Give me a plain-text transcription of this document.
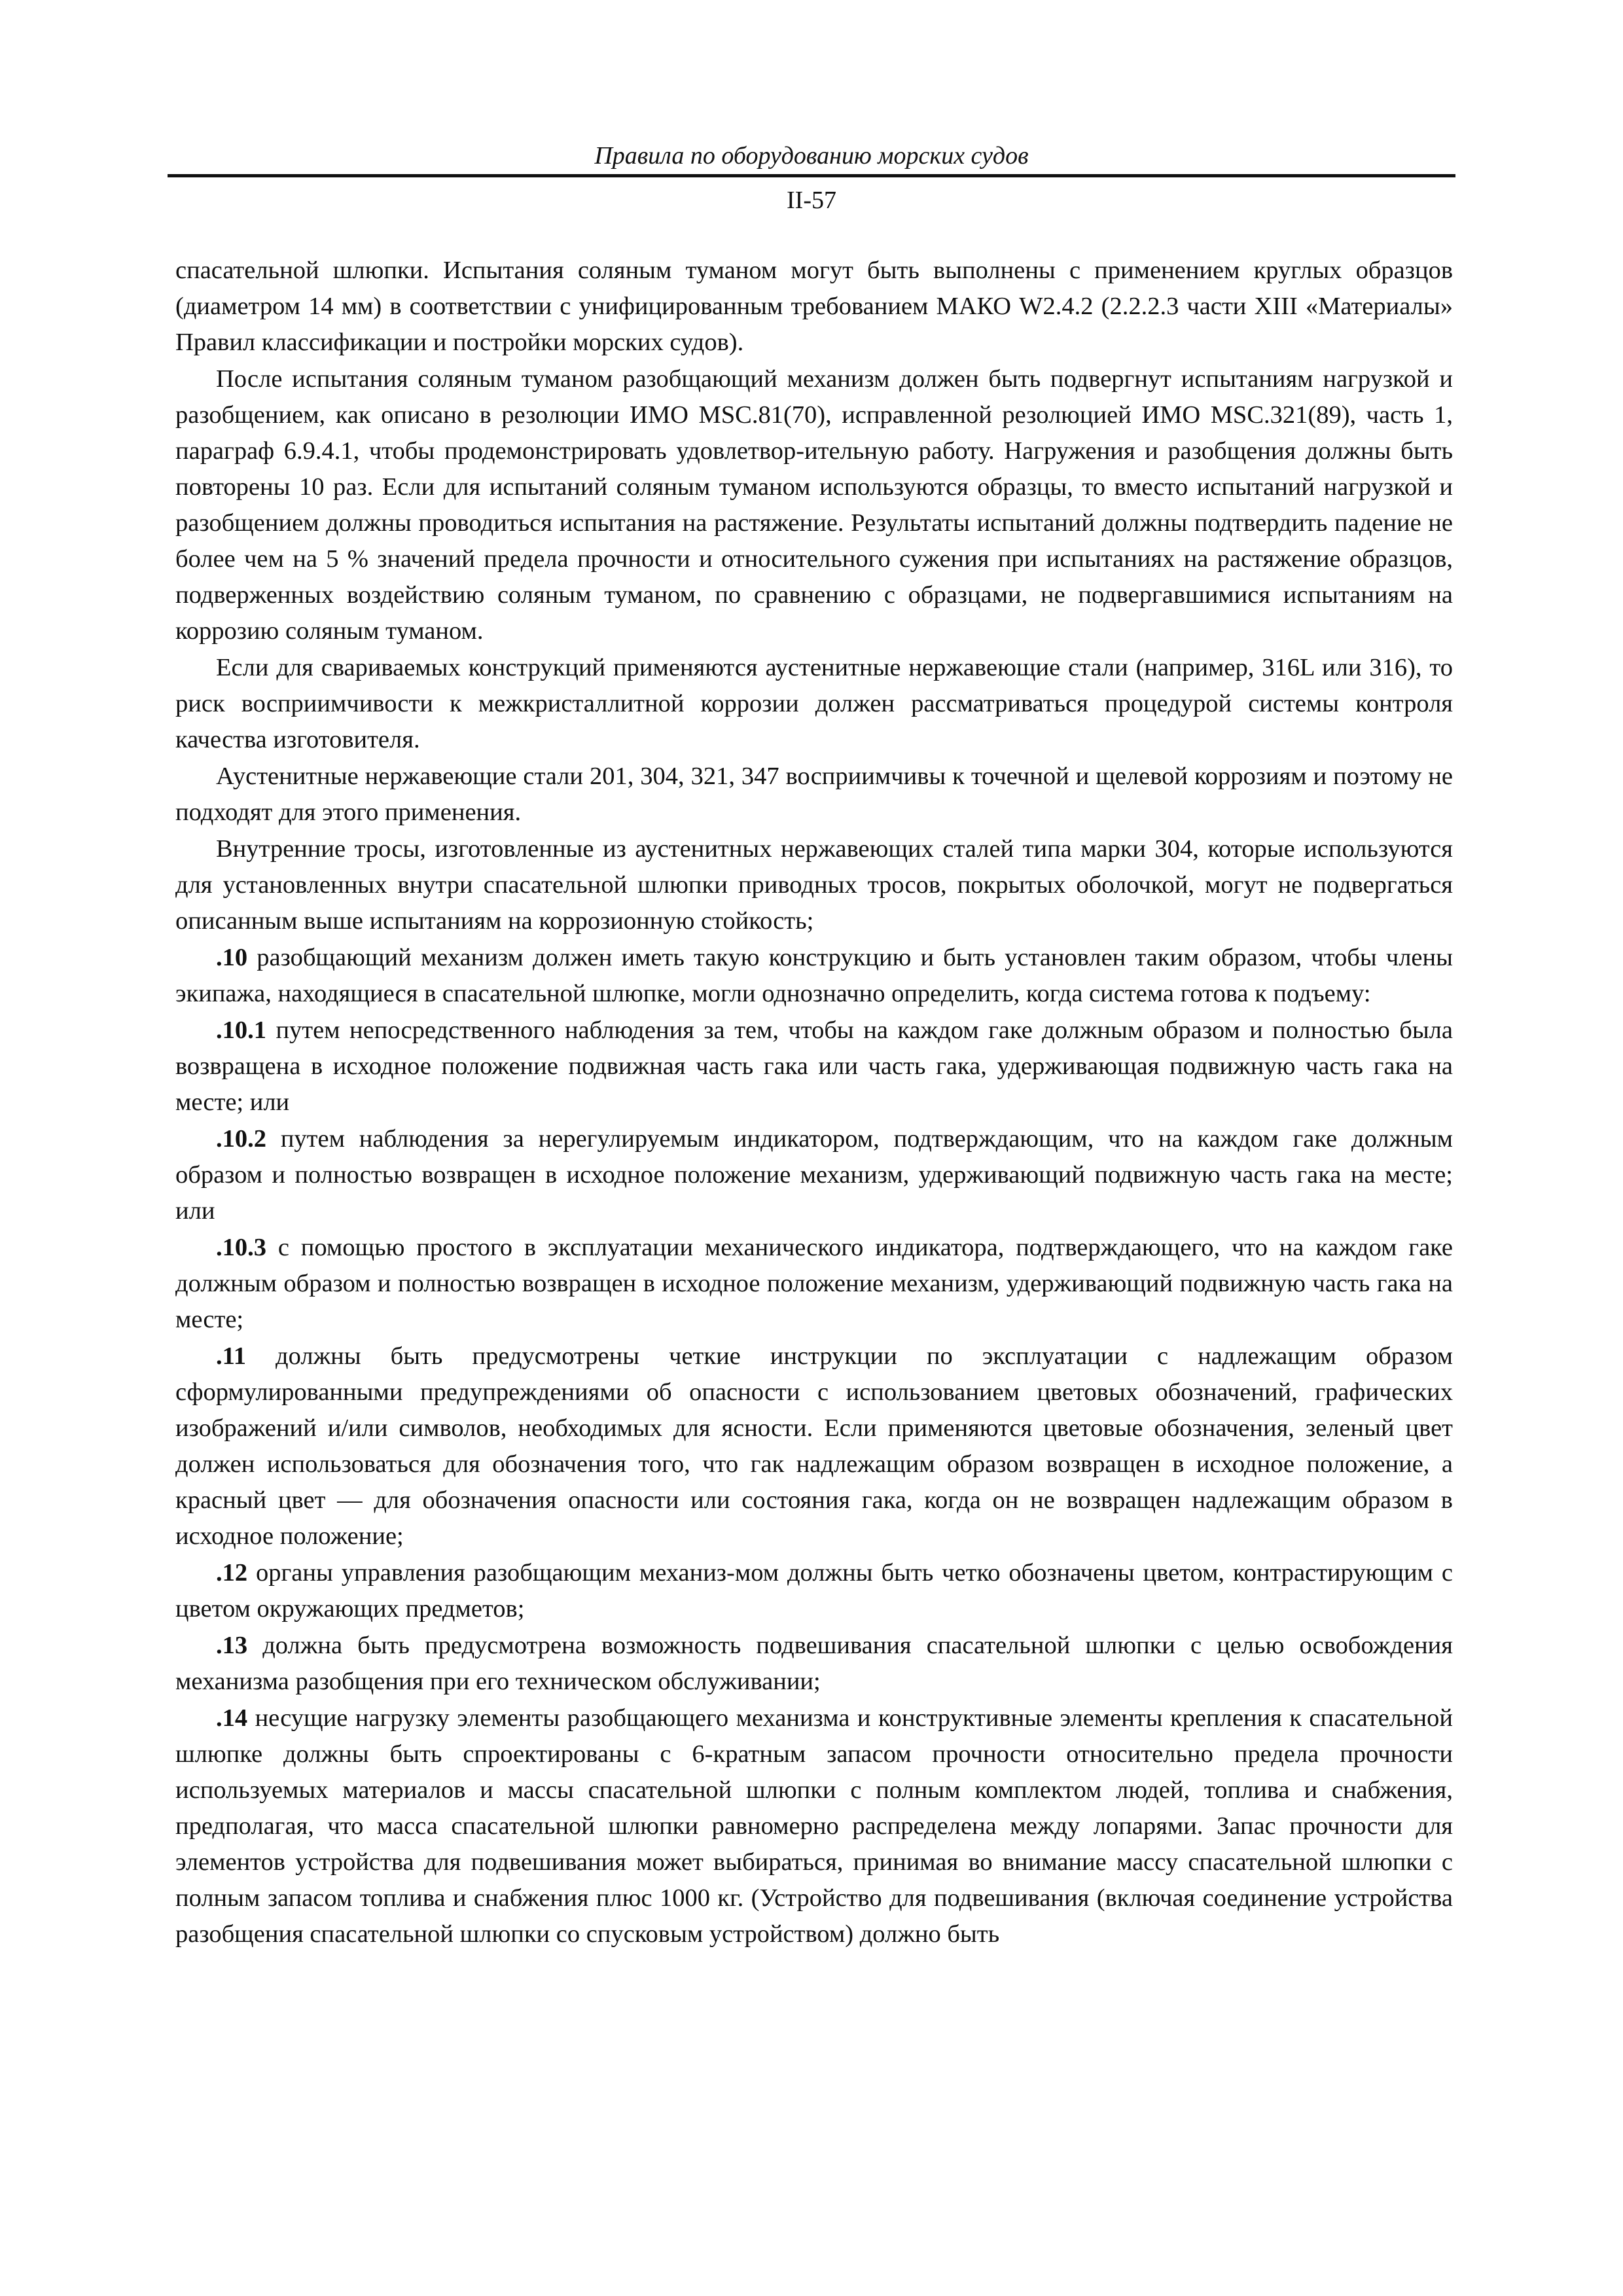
Правила по оборудованию морских судов
II-57

спасательной шлюпки. Испытания соляным туманом могут быть выполнены с применением круглых образцов (диаметром 14 мм) в соответствии с унифицированным требованием МАКО W2.4.2 (2.2.2.3 части XIII «Материалы» Правил классификации и постройки морских судов).

После испытания соляным туманом разобщающий механизм должен быть подвергнут испытаниям нагрузкой и разобщением, как описано в резолюции ИМО MSC.81(70), исправленной резолюцией ИМО MSC.321(89), часть 1, параграф 6.9.4.1, чтобы продемонстрировать удовлетвор-ительную работу. Нагружения и разобщения должны быть повторены 10 раз. Если для испытаний соляным туманом используются образцы, то вместо испытаний нагрузкой и разобщением должны проводиться испытания на растяжение. Результаты испытаний должны подтвердить падение не более чем на 5 % значений предела прочности и относительного сужения при испытаниях на растяжение образцов, подверженных воздействию соляным туманом, по сравнению с образцами, не подвергавшимися испытаниям на коррозию соляным туманом.

Если для свариваемых конструкций применяются аустенитные нержавеющие стали (например, 316L или 316), то риск восприимчивости к межкристаллитной коррозии должен рассматриваться процедурой системы контроля качества изготовителя.

Аустенитные нержавеющие стали 201, 304, 321, 347 восприимчивы к точечной и щелевой коррозиям и поэтому не подходят для этого применения.

Внутренние тросы, изготовленные из аустенитных нержавеющих сталей типа марки 304, которые используются для установленных внутри спасательной шлюпки приводных тросов, покрытых оболочкой, могут не подвергаться описанным выше испытаниям на коррозионную стойкость;

.10 разобщающий механизм должен иметь такую конструкцию и быть установлен таким образом, чтобы члены экипажа, находящиеся в спасательной шлюпке, могли однозначно определить, когда система готова к подъему:

.10.1 путем непосредственного наблюдения за тем, чтобы на каждом гаке должным образом и полностью была возвращена в исходное положение подвижная часть гака или часть гака, удерживающая подвижную часть гака на месте; или

.10.2 путем наблюдения за нерегулируемым индикатором, подтверждающим, что на каждом гаке должным образом и полностью возвращен в исходное положение механизм, удерживающий подвижную часть гака на месте; или

.10.3 с помощью простого в эксплуатации механического индикатора, подтверждающего, что на каждом гаке должным образом и полностью возвращен в исходное положение механизм, удерживающий подвижную часть гака на месте;

.11 должны быть предусмотрены четкие инструкции по эксплуатации с надлежащим образом сформулированными предупреждениями об опасности с использованием цветовых обозначений, графических изображений и/или символов, необходимых для ясности. Если применяются цветовые обозначения, зеленый цвет должен использоваться для обозначения того, что гак надлежащим образом возвращен в исходное положение, а красный цвет — для обозначения опасности или состояния гака, когда он не возвращен надлежащим образом в исходное положение;

.12 органы управления разобщающим механиз-мом должны быть четко обозначены цветом, контрастирующим с цветом окружающих предметов;

.13 должна быть предусмотрена возможность подвешивания спасательной шлюпки с целью освобождения механизма разобщения при его техническом обслуживании;

.14 несущие нагрузку элементы разобщающего механизма и конструктивные элементы крепления к спасательной шлюпке должны быть спроектированы с 6-кратным запасом прочности относительно предела прочности используемых материалов и массы спасательной шлюпки с полным комплектом людей, топлива и снабжения, предполагая, что масса спасательной шлюпки равномерно распределена между лопарями. Запас прочности для элементов устройства для подвешивания может выбираться, принимая во внимание массу спасательной шлюпки с полным запасом топлива и снабжения плюс 1000 кг. (Устройство для подвешивания (включая соединение устройства разобщения спасательной шлюпки со спусковым устройством) должно быть
